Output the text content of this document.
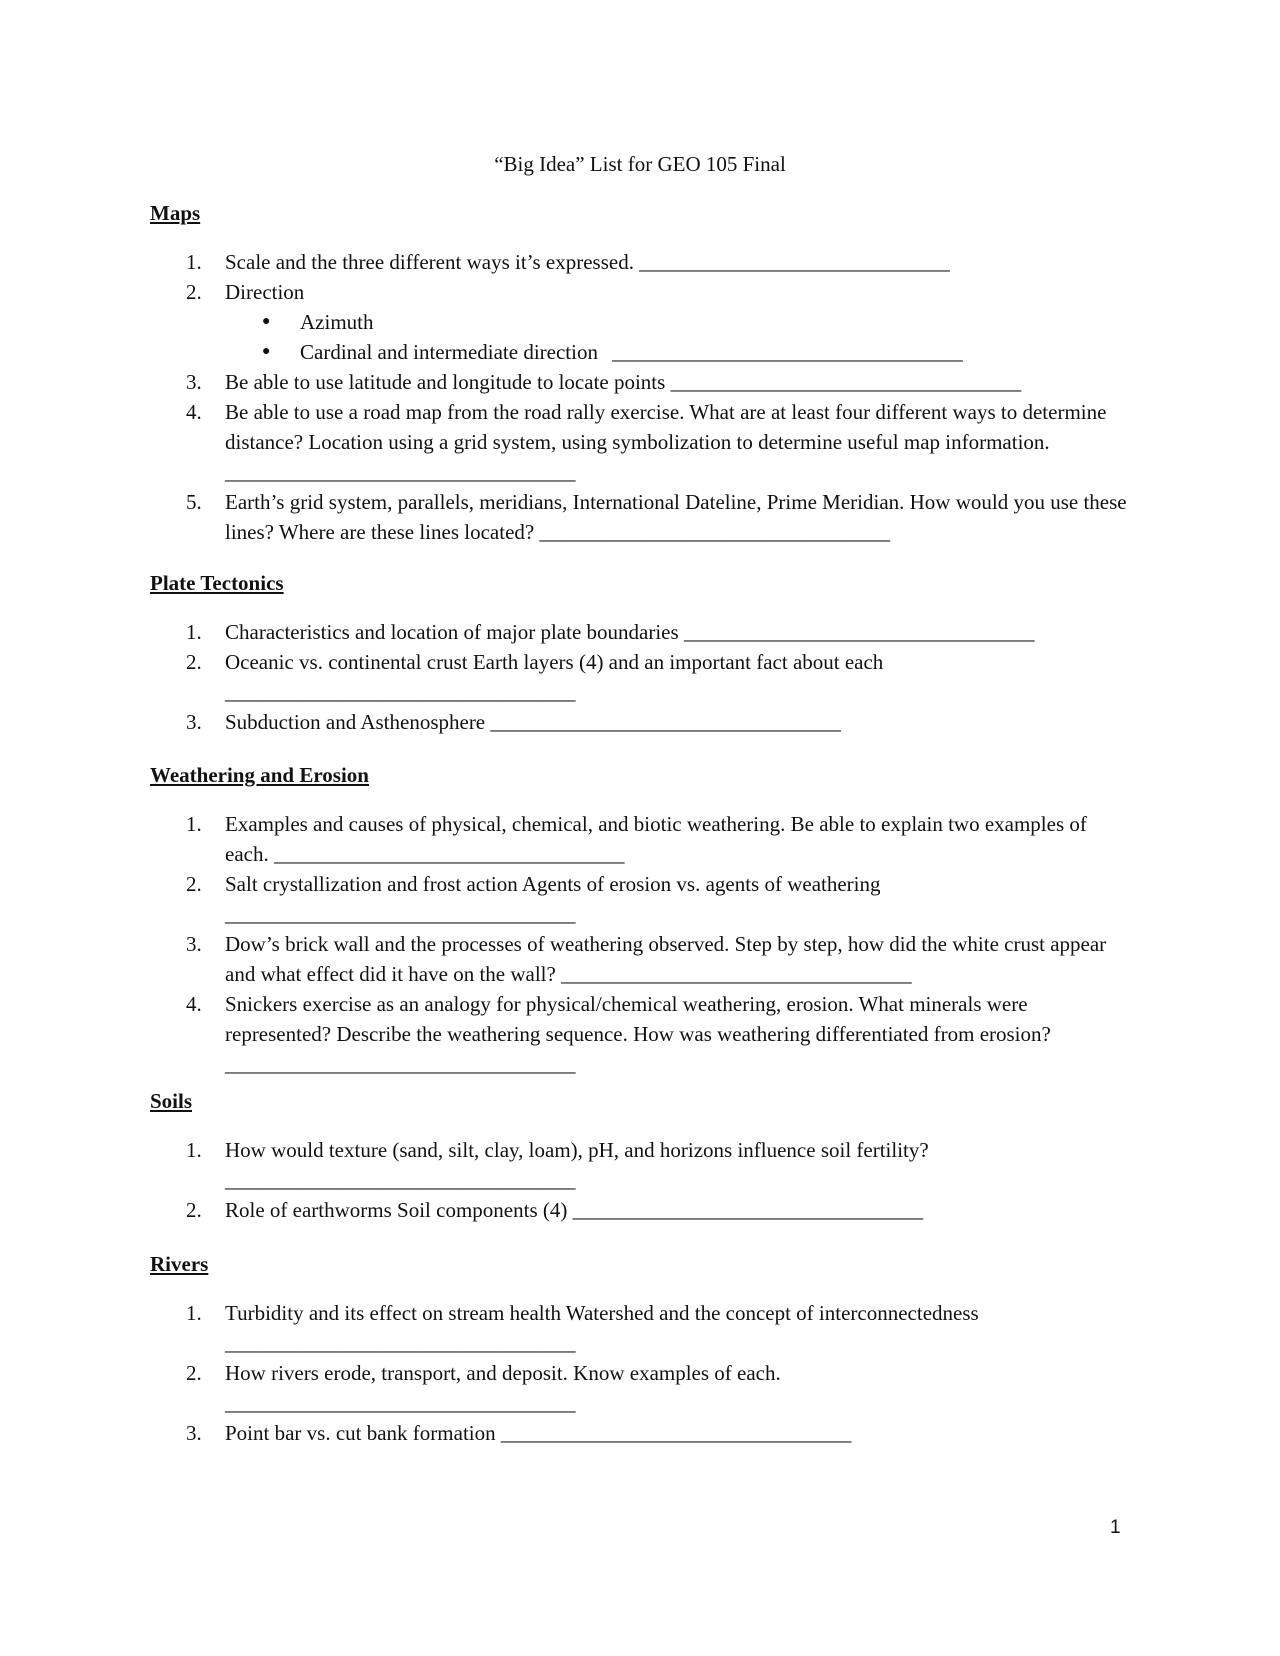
“Big Idea” List for GEO 105 Final
Maps
1.	Scale and the three different ways it’s expressed. _______________________________
2.	Direction
● Azimuth
● Cardinal and intermediate direction   ___________________________________
3.	Be able to use latitude and longitude to locate points ___________________________________
4.	Be able to use a road map from the road rally exercise. What are at least four different ways to determine distance? Location using a grid system, using symbolization to determine useful map information. ___________________________________
5.	Earth’s grid system, parallels, meridians, International Dateline, Prime Meridian. How would you use these lines? Where are these lines located? ___________________________________
Plate Tectonics
1.	Characteristics and location of major plate boundaries ___________________________________
2.	Oceanic vs. continental crust Earth layers (4) and an important fact about each
___________________________________
3.	Subduction and Asthenosphere ___________________________________
Weathering and Erosion
1.	Examples and causes of physical, chemical, and biotic weathering. Be able to explain two examples of each. ___________________________________
2.	Salt crystallization and frost action Agents of erosion vs. agents of weathering
___________________________________
3.	Dow’s brick wall and the processes of weathering observed. Step by step, how did the white crust appear and what effect did it have on the wall? ___________________________________
4.	Snickers exercise as an analogy for physical/chemical weathering, erosion. What minerals were represented? Describe the weathering sequence. How was weathering differentiated from erosion? ___________________________________
Soils
1.	How would texture (sand, silt, clay, loam), pH, and horizons influence soil fertility?
___________________________________
2.	Role of earthworms Soil components (4) ___________________________________
Rivers
1.	Turbidity and its effect on stream health Watershed and the concept of interconnectedness
___________________________________
2.	How rivers erode, transport, and deposit. Know examples of each.
___________________________________
3.	Point bar vs. cut bank formation ___________________________________
1
